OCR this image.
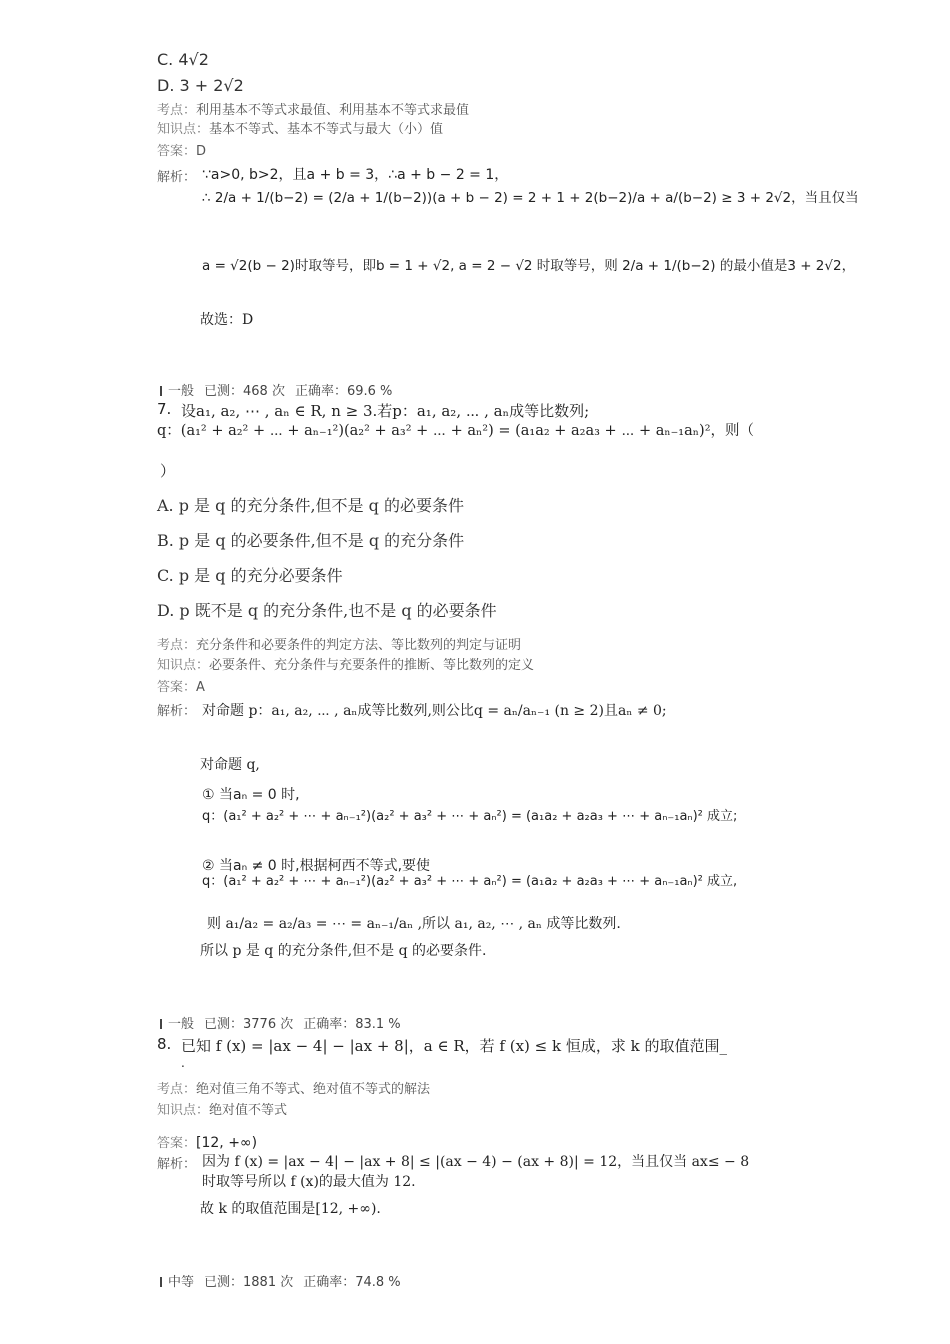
C. 4√2
D. 3 + 2√2
考点：利用基本不等式求最值、利用基本不等式求最值
知识点：基本不等式、基本不等式与最大（小）值
答案：D
解析： ∵a>0, b>2，且a + b = 3，∴a + b − 2 = 1，
∴ 2/a + 1/(b−2) = (2/a + 1/(b−2))(a + b − 2) = 2 + 1 + 2(b−2)/a + a/(b−2) ≥ 3 + 2√2，当且仅当
a = √2(b − 2)时取等号，即b = 1 + √2, a = 2 − √2 时取等号，则 2/a + 1/(b−2) 的最小值是3 + 2√2，
故选：D
一般 已测：468 次 正确率：69.6 %
7. 设a₁, a₂, ⋯ , aₙ ∈ R, n ≥ 3.若p：a₁, a₂, ⋯ , aₙ成等比数列;
q：(a₁² + a₂² + ⋯ + aₙ₋₁²)(a₂² + a₃² + ⋯ + aₙ²) = (a₁a₂ + a₂a₃ + ⋯ + aₙ₋₁aₙ)²，则（
）
A. p 是 q 的充分条件,但不是 q 的必要条件
B. p 是 q 的必要条件,但不是 q 的充分条件
C. p 是 q 的充分必要条件
D. p 既不是 q 的充分条件,也不是 q 的必要条件
考点：充分条件和必要条件的判定方法、等比数列的判定与证明
知识点：必要条件、充分条件与充要条件的推断、等比数列的定义
答案：A
解析： 对命题 p：a₁, a₂, ⋯ , aₙ成等比数列,则公比q = aₙ/aₙ₋₁ (n ≥ 2)且aₙ ≠ 0;
对命题 q,
① 当aₙ = 0 时,
q：(a₁² + a₂² + ⋯ + aₙ₋₁²)(a₂² + a₃² + ⋯ + aₙ²) = (a₁a₂ + a₂a₃ + ⋯ + aₙ₋₁aₙ)² 成立;
② 当aₙ ≠ 0 时,根据柯西不等式,要使
q：(a₁² + a₂² + ⋯ + aₙ₋₁²)(a₂² + a₃² + ⋯ + aₙ²) = (a₁a₂ + a₂a₃ + ⋯ + aₙ₋₁aₙ)² 成立,
则 a₁/a₂ = a₂/a₃ = ⋯ = aₙ₋₁/aₙ ,所以 a₁, a₂, ⋯ , aₙ 成等比数列.
所以 p 是 q 的充分条件,但不是 q 的必要条件.
一般 已测：3776 次 正确率：83.1 %
8. 已知 f (x) = |ax − 4| − |ax + 8|，a ∈ R，若 f (x) ≤ k 恒成，求 k 的取值范围_
.
考点：绝对值三角不等式、绝对值不等式的解法
知识点：绝对值不等式
答案：[12, +∞)
解析： 因为 f (x) = |ax − 4| − |ax + 8| ≤ |(ax − 4) − (ax + 8)| = 12，当且仅当 ax≤ − 8
时取等号所以 f (x)的最大值为 12.
故 k 的取值范围是[12, +∞).
中等 已测：1881 次 正确率：74.8 %
